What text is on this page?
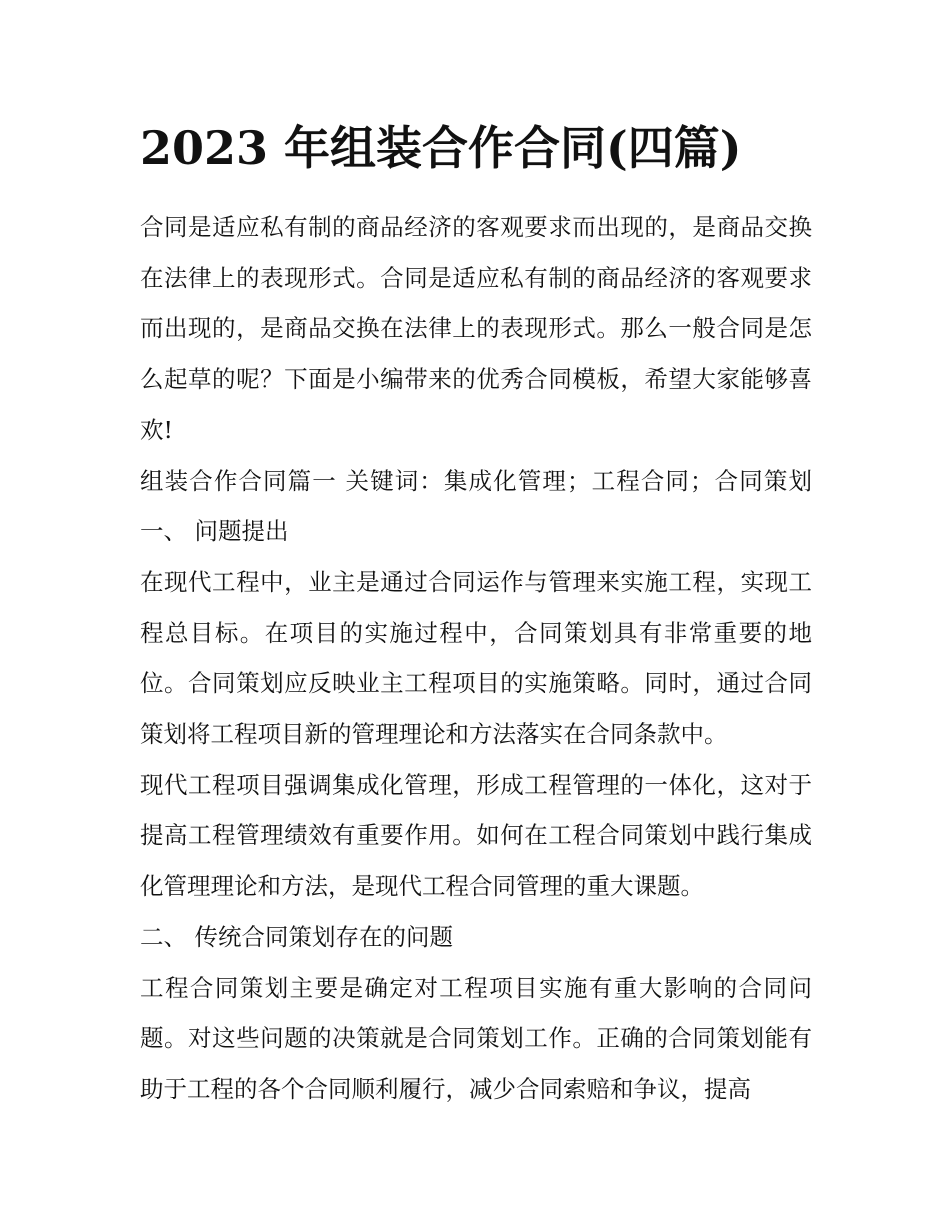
2023 年组装合作合同(四篇)

合同是适应私有制的商品经济的客观要求而出现的，是商品交换在法律上的表现形式。合同是适应私有制的商品经济的客观要求而出现的，是商品交换在法律上的表现形式。那么一般合同是怎么起草的呢？下面是小编带来的优秀合同模板，希望大家能够喜欢!

组装合作合同篇一 关键词：集成化管理；工程合同；合同策划 一、 问题提出

在现代工程中，业主是通过合同运作与管理来实施工程，实现工程总目标。在项目的实施过程中，合同策划具有非常重要的地位。合同策划应反映业主工程项目的实施策略。同时，通过合同策划将工程项目新的管理理论和方法落实在合同条款中。

现代工程项目强调集成化管理，形成工程管理的一体化，这对于提高工程管理绩效有重要作用。如何在工程合同策划中践行集成化管理理论和方法，是现代工程合同管理的重大课题。

二、 传统合同策划存在的问题

工程合同策划主要是确定对工程项目实施有重大影响的合同问题。对这些问题的决策就是合同策划工作。正确的合同策划能有助于工程的各个合同顺利履行，减少合同索赔和争议，提高
